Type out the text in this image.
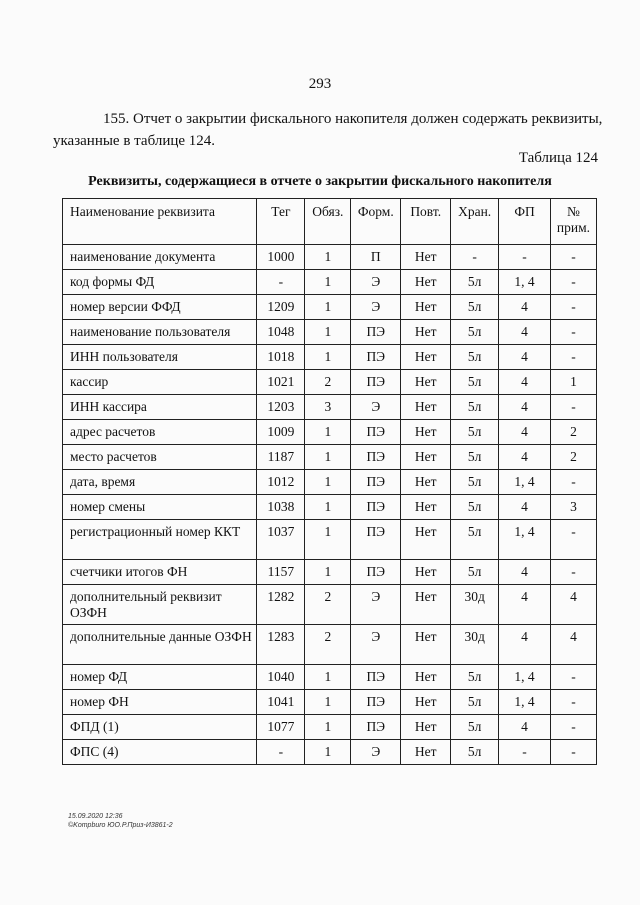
293
155. Отчет о закрытии фискального накопителя должен содержать реквизиты, указанные в таблице 124.
Таблица 124
Реквизиты, содержащиеся в отчете о закрытии фискального накопителя
Наименование реквизита	Тег	Обяз.	Форм.	Повт.	Хран.	ФП	№ прим.
наименование документа	1000	1	П	Нет	-	-	-
код формы ФД	-	1	Э	Нет	5л	1, 4	-
номер версии ФФД	1209	1	Э	Нет	5л	4	-
наименование пользователя	1048	1	ПЭ	Нет	5л	4	-
ИНН пользователя	1018	1	ПЭ	Нет	5л	4	-
кассир	1021	2	ПЭ	Нет	5л	4	1
ИНН кассира	1203	3	Э	Нет	5л	4	-
адрес расчетов	1009	1	ПЭ	Нет	5л	4	2
место расчетов	1187	1	ПЭ	Нет	5л	4	2
дата, время	1012	1	ПЭ	Нет	5л	1, 4	-
номер смены	1038	1	ПЭ	Нет	5л	4	3
регистрационный номер ККТ	1037	1	ПЭ	Нет	5л	1, 4	-
счетчики итогов ФН	1157	1	ПЭ	Нет	5л	4	-
дополнительный реквизит ОЗФН	1282	2	Э	Нет	30д	4	4
дополнительные данные ОЗФН	1283	2	Э	Нет	30д	4	4
номер ФД	1040	1	ПЭ	Нет	5л	1, 4	-
номер ФН	1041	1	ПЭ	Нет	5л	1, 4	-
ФПД (1)	1077	1	ПЭ	Нет	5л	4	-
ФПС (4)	-	1	Э	Нет	5л	-	-
15.09.2020 12:36
©Kompburo ЮО.Р.Приз-И3861-2
